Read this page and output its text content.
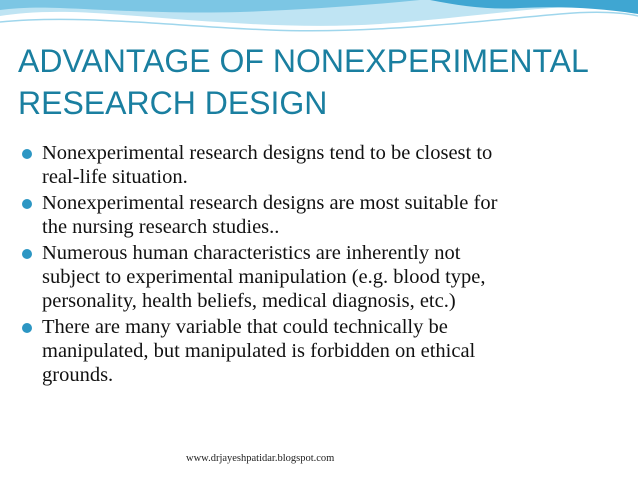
ADVANTAGE OF NONEXPERIMENTAL
RESEARCH DESIGN
Nonexperimental research designs tend to be closest to
real-life situation.
Nonexperimental research designs are most suitable for
the nursing research studies..
Numerous human characteristics are inherently not
subject to experimental manipulation (e.g. blood type,
personality, health beliefs, medical diagnosis, etc.)
There are many variable that could technically be
manipulated, but manipulated is forbidden on ethical
grounds.
www.drjayeshpatidar.blogspot.com
